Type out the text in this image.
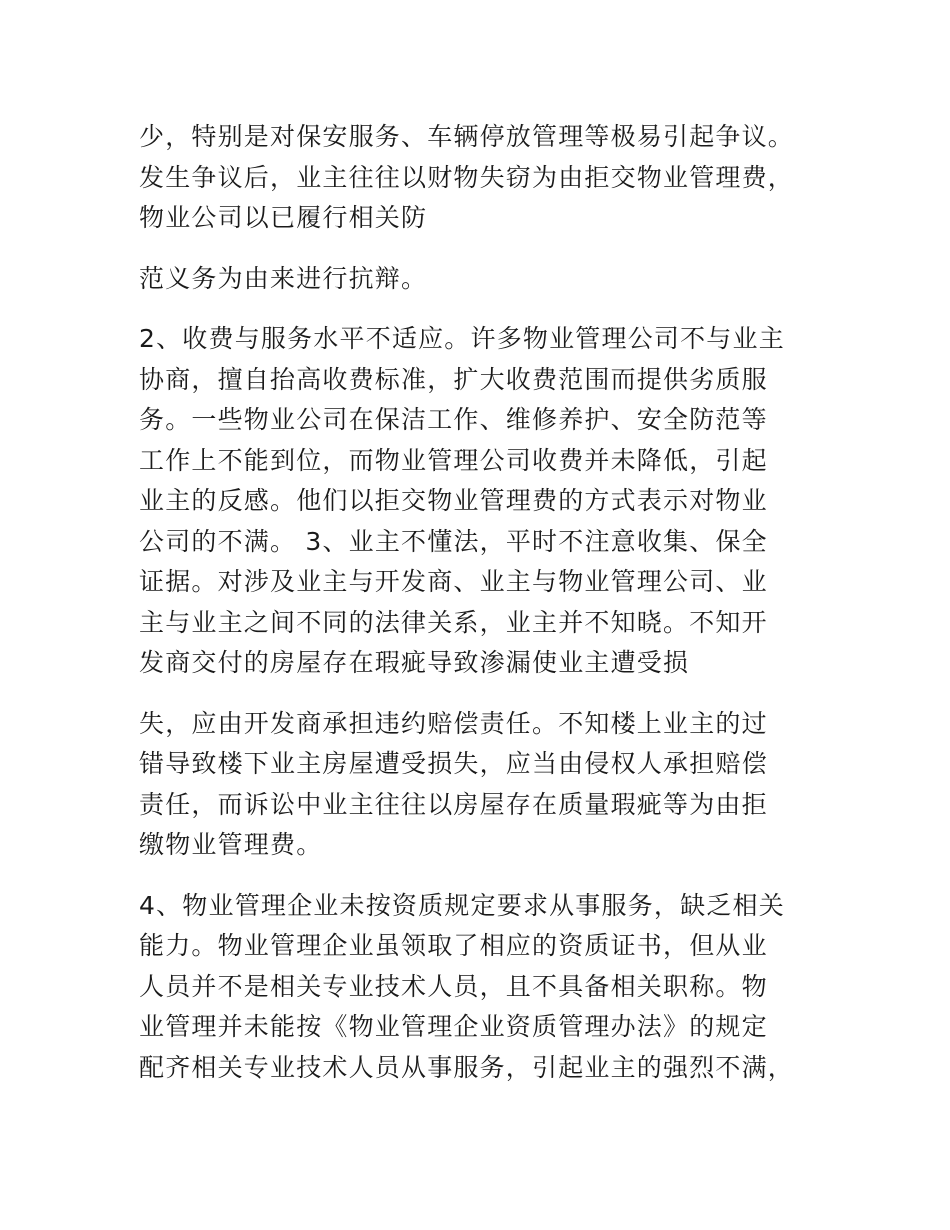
少，特别是对保安服务、车辆停放管理等极易引起争议。
发生争议后，业主往往以财物失窃为由拒交物业管理费，
物业公司以已履行相关防
范义务为由来进行抗辩。
2、收费与服务水平不适应。许多物业管理公司不与业主
协商，擅自抬高收费标准，扩大收费范围而提供劣质服
务。一些物业公司在保洁工作、维修养护、安全防范等
工作上不能到位，而物业管理公司收费并未降低，引起
业主的反感。他们以拒交物业管理费的方式表示对物业
公司的不满。 3、业主不懂法，平时不注意收集、保全
证据。对涉及业主与开发商、业主与物业管理公司、业
主与业主之间不同的法律关系，业主并不知晓。不知开
发商交付的房屋存在瑕疵导致渗漏使业主遭受损
失，应由开发商承担违约赔偿责任。不知楼上业主的过
错导致楼下业主房屋遭受损失，应当由侵权人承担赔偿
责任，而诉讼中业主往往以房屋存在质量瑕疵等为由拒
缴物业管理费。
4、物业管理企业未按资质规定要求从事服务，缺乏相关
能力。物业管理企业虽领取了相应的资质证书，但从业
人员并不是相关专业技术人员，且不具备相关职称。物
业管理并未能按《物业管理企业资质管理办法》的规定
配齐相关专业技术人员从事服务，引起业主的强烈不满，
